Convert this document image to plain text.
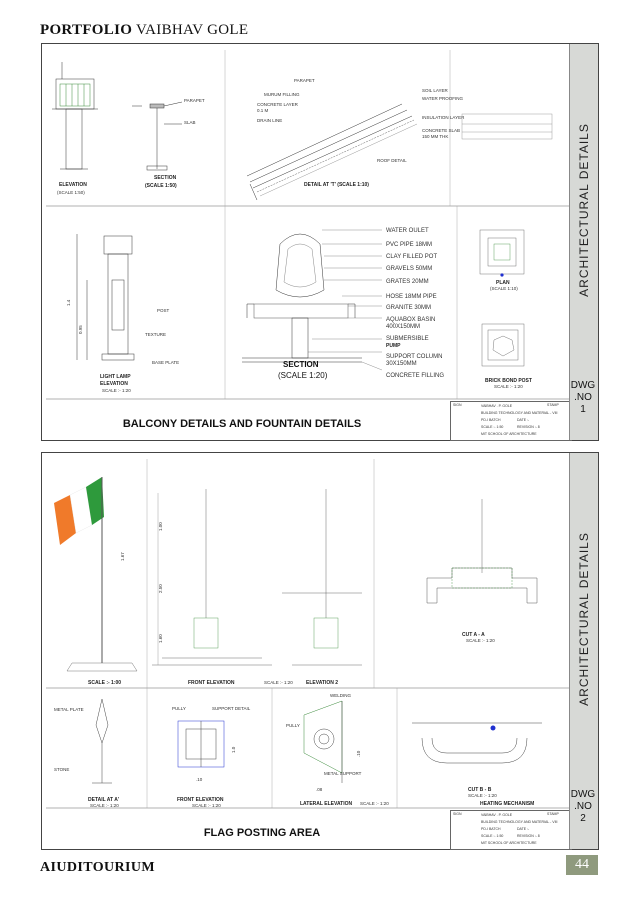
PORTFOLIO VAIBHAV GOLE
ELEVATION
(SCALE 1:50)
PARAPET
SLAB
SECTION
(SCALE 1:50)
PARAPET
MURUM FILLING
CONCRETE LAYER
0.1 M
DRAIN LINE
SOIL LAYER
WATER PROOFING
INSULATION LAYER
CONCRETE SLAB
150 MM THK
ROOF DETAIL
DETAIL AT 'T' (SCALE 1:10)
1.4
0.95
POST
TEXTURE
BASE PLATE
LIGHT LAMP
ELEVATION
SCALE :- 1:20
WATER OULET
PVC PIPE 18MM
CLAY FILLED POT
GRAVELS 50MM
GRATES 20MM
HOSE 18MM PIPE
GRANITE 30MM
AQUABOX BASIN
400X150MM
SUBMERSIBLE
PUMP
SUPPORT COLUMN
30X150MM
CONCRETE FILLING
SECTION
(SCALE 1:20)
PLAN
(SCALE 1:10)
BRICK BOND POST
SCALE :- 1:20
BALCONY DETAILS AND FOUNTAIN DETAILS
SIGN	STAMP
VAIBHAV . P. GOLE
BUILDING TECHNOLOGY AND MATERIAL - VIII
PD-I BATCH	DATE :-
SCALE :- 1:50	REVISION :- 8
MIT SCHOOL OF ARCHITECTURE
ARCHITECTURAL DETAILS
DWG .NO 1
1.67
SCALE :- 1:00
1.00
2.50
1.60
FRONT ELEVATION	SCALE :- 1:20	ELEVATION 2
CUT A - A
SCALE :- 1:20
METAL PLATE
STONE
DETAIL AT A'
SCALE :- 1:20
PULLY	SUPPORT DETAIL
1.0
.10
FRONT ELEVATION
SCALE :- 1:20
WELDING
PULLY
METAL SUPPORT
.10
.08
LATERAL ELEVATION SCALE :- 1:20
CUT B - B
SCALE :- 1:20
HEATING MECHANISM
FLAG POSTING AREA
SIGN	STAMP
VAIBHAV . P. GOLE
BUILDING TECHNOLOGY AND MATERIAL - VIII
PD-I BATCH	DATE :-
SCALE :- 1:50	REVISION :- 8
MIT SCHOOL OF ARCHITECTURE
ARCHITECTURAL DETAILS
DWG .NO 2
AIUDITOURIUM	44
